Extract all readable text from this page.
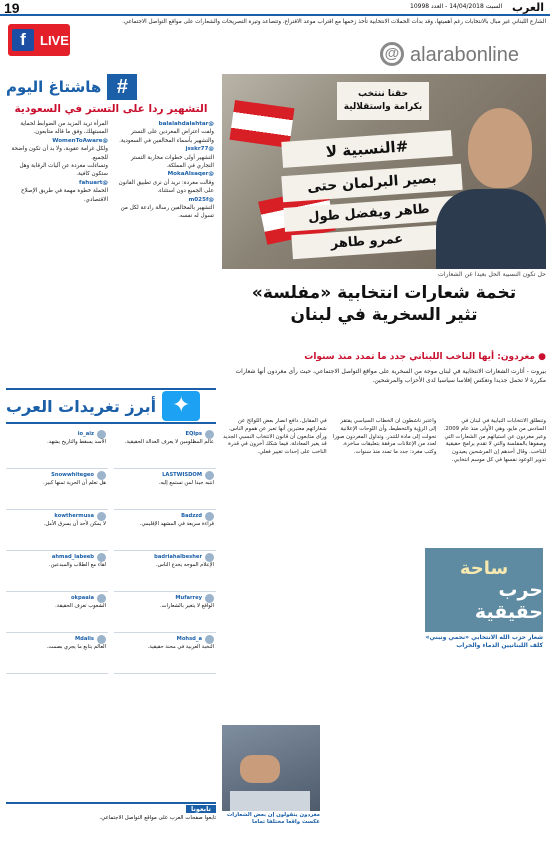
19	السبت 14/04/2018 - العدد 10998 العرب
الشارع اللبناني غير مبال بالانتخابات رغم أهميتها، وقد بدأت الحملات الانتخابية تأخذ زخمها مع اقتراب موعد الاقتراع، وتتصاعد وتيرة التصريحات والشعارات على مواقع التواصل الاجتماعي.
f	LIVE
@ alarabonline
#
هاشتاغ اليوم
التشهير ردا على التستر في السعودية

@balalahdalahtar

ولفت اعتراض المغردين على التستر والتشهير بأسماء المخالفين في السعودية.

@jsskr77

التشهير أولى خطوات محاربة التستر التجاري في المملكة.

@MokaAlsaqer

وقالت مغردة: نريد أن نرى تطبيق القانون على الجميع دون استثناء.

@m025f

التشهير بالمخالفين رسالة رادعة لكل من تسول له نفسه.

المرأة تريد المزيد من الضوابط لحماية المستهلك، وفق ما قاله متابعون.

@WomenToAware

ولكل غرامة عقوبة، ولا بد أن تكون واضحة للجميع.

وتساءلت مغردة عن آليات الرقابة وهل ستكون كافية.

@fahuart

الحملة خطوة مهمة في طريق الإصلاح الاقتصادي.

✦
أبرز تغريدات العرب
EQlps
عالم المظلومين لا يعرف العدالة الحقيقية.
io_aiz
الأسد يسقط والتاريخ يشهد.
LASTWISDOM
انتبه جيدا لمن تستمع إليه.
Snowwhitegeo
هل تعلم أن الحرية ثمنها كبير.
Badzzd
قراءة سريعة في المشهد الإقليمي.
kowthermusa
لا يمكن لأحد أن يسرق الأمل.
badriahalbesher
الإعلام الموجه يخدع الناس.
ahmad_labeeb
لقاء مع الطلاب والمبدعين.
Mufarrey
الواقع لا يتغير بالشعارات.
okpaaia
الشعوب تعرف الحقيقة.
Mohsd_a
النخبة العربية في محنة حقيقية.
Mdalis
العالم يتابع ما يجري بصمت.
تابعونا
تابعوا صفحات العرب على مواقع التواصل الاجتماعي.
حقنا ننتخب بكرامة واستقلالية
#النسبية لا
بصير البرلمان حتى
طاهر ويفضل طول
عمرو طاهر
حل تكون النسبية الحل بعيدا عن الشعارات
تخمة شعارات انتخابية «مفلسة»
تثير السخرية في لبنان
● مغردون: أيها الناخب اللبناني جدد ما تمدد منذ سنوات
بيروت - أثارت الشعارات الانتخابية في لبنان موجة من السخرية على مواقع التواصل الاجتماعي، حيث رأى مغردون أنها شعارات مكررة لا تحمل جديدا وتعكس إفلاسا سياسيا لدى الأحزاب والمرشحين.
وتنطلق الانتخابات النيابية في لبنان في السادس من مايو، وهي الأولى منذ عام 2009. وعبر مغردون عن استيائهم من الشعارات التي وصفوها بالمفلسة والتي لا تقدم برامج حقيقية للناخب. وقال أحدهم إن المرشحين يعيدون تدوير الوعود نفسها في كل موسم انتخابي.
واعتبر ناشطون أن الخطاب السياسي يفتقر إلى الرؤية والتخطيط، وأن اللوحات الإعلانية تحولت إلى مادة للتندر. وتداول المغردون صورا لعدد من الإعلانات مرفقة بتعليقات ساخرة. وكتب مغرد: جدد ما تمدد منذ سنوات.
في المقابل، دافع أنصار بعض اللوائح عن شعاراتهم معتبرين أنها تعبر عن هموم الناس. ورأى متابعون أن قانون الانتخاب النسبي الجديد قد يغير المعادلة، فيما شكك آخرون في قدرة الناخب على إحداث تغيير فعلي.
ساحة
حرب حقيقية
شعار حزب الله الانتخابي «نحمي ونبني» كلف اللبنانيين الدماء والخراب
مغردون يتقولون إن بعض الشعارات عكست واقعا مختلفا تماما
